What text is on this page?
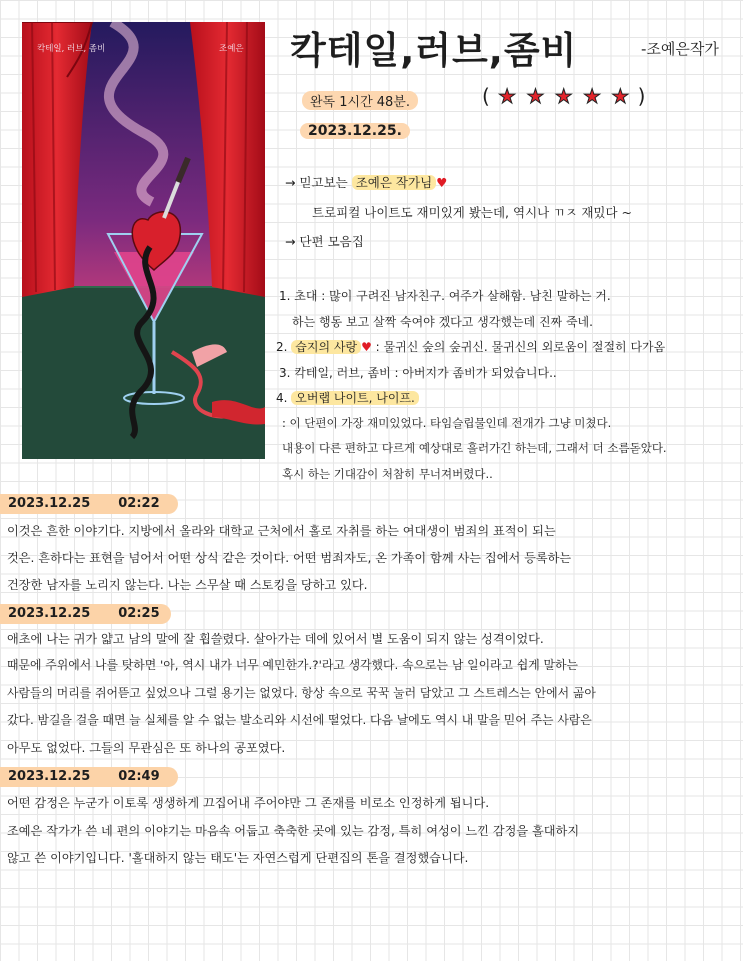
칵테일, 러브, 좀비	조예은 칵테일,러브,좀비	-조예은작가
완독 1시간 48분.	( ★ ★ ★ ★ ★ )
2023.12.25.
→ 믿고보는 조예은 작가님 ♥
트로피컬 나이트도 재미있게 봤는데, 역시나 ㄲㅈ 재밌다 ~
→ 단편 모음집
1. 초대 : 많이 구려진 남자친구. 여주가 살해함. 남친 말하는 거.
하는 행동 보고 살짝 숙여야 겠다고 생각했는데 진짜 죽네.
2. 습지의 사랑 ♥ : 물귀신 숲의 숲귀신. 물귀신의 외로움이 절절히 다가옴
3. 칵테일, 러브, 좀비 : 아버지가 좀비가 되었습니다..
4. 오버랩 나이트, 나이프.
: 이 단편이 가장 재미있었다. 타임슬립물인데 전개가 그냥 미쳤다.
내용이 다른 편하고 다르게 예상대로 흘러가긴 하는데, 그래서 더 소름돋았다.
혹시 하는 기대감이 처참히 무너져버렸다..
2023.12.25 02:22
이것은 흔한 이야기다. 지방에서 올라와 대학교 근처에서 홀로 자취를 하는 여대생이 범죄의 표적이 되는
것은. 흔하다는 표현을 넘어서 어떤 상식 같은 것이다. 어떤 범죄자도, 온 가족이 함께 사는 집에서 등록하는
건장한 남자를 노리지 않는다. 나는 스무살 때 스토킹을 당하고 있다.
2023.12.25 02:25
애초에 나는 귀가 얇고 남의 말에 잘 휩쓸렸다. 살아가는 데에 있어서 별 도움이 되지 않는 성격이었다.
때문에 주위에서 나를 탓하면 '아, 역시 내가 너무 예민한가.?'라고 생각했다. 속으로는 남 일이라고 쉽게 말하는
사람들의 머리를 쥐어뜯고 싶었으나 그럴 용기는 없었다. 항상 속으로 꾹꾹 눌러 담았고 그 스트레스는 안에서 곪아
갔다. 밤길을 걸을 때면 늘 실체를 알 수 없는 발소리와 시선에 떨었다. 다음 날에도 역시 내 말을 믿어 주는 사람은
아무도 없었다. 그들의 무관심은 또 하나의 공포였다.
2023.12.25 02:49
어떤 감정은 누군가 이토록 생생하게 끄집어내 주어야만 그 존재를 비로소 인정하게 됩니다.
조예은 작가가 쓴 네 편의 이야기는 마음속 어둡고 축축한 곳에 있는 감정, 특히 여성이 느낀 감정을 홀대하지
않고 쓴 이야기입니다. '홀대하지 않는 태도'는 자연스럽게 단편집의 톤을 결정했습니다.
